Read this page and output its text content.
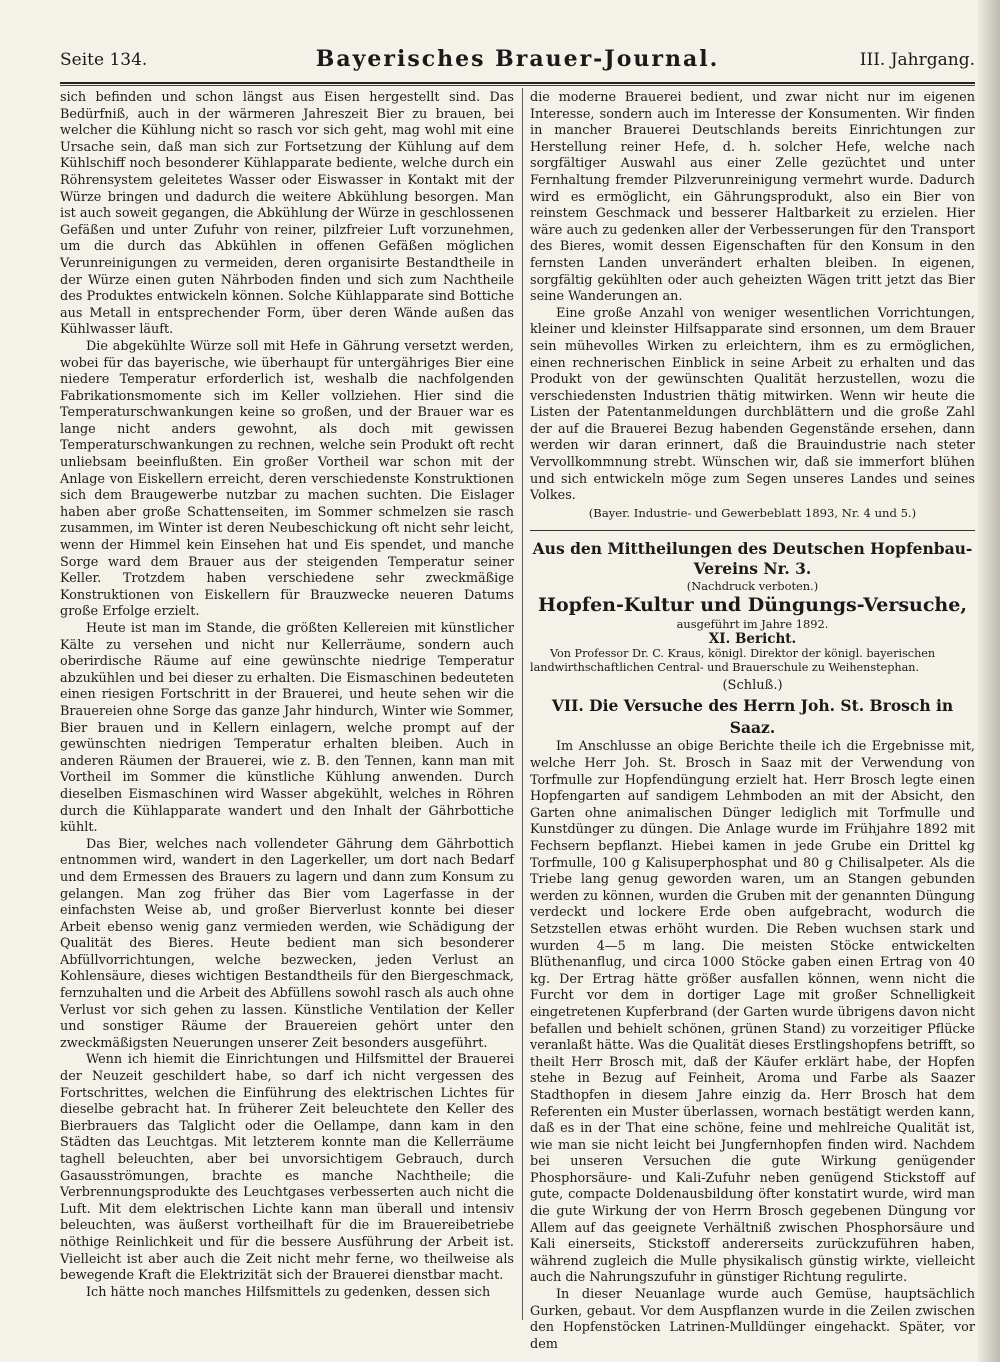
Seite 134.	Bayerisches Brauer-Journal.	III. Jahrgang.

sich befinden und schon längst aus Eisen hergestellt sind. Das Bedürfniß, auch in der wärmeren Jahreszeit Bier zu brauen, bei welcher die Kühlung nicht so rasch vor sich geht, mag wohl mit eine Ursache sein, daß man sich zur Fortsetzung der Kühlung auf dem Kühlschiff noch besonderer Kühlapparate bediente, welche durch ein Röhrensystem geleitetes Wasser oder Eiswasser in Kontakt mit der Würze bringen und dadurch die weitere Abkühlung besorgen. Man ist auch soweit gegangen, die Abkühlung der Würze in geschlossenen Gefäßen und unter Zufuhr von reiner, pilzfreier Luft vorzunehmen, um die durch das Abkühlen in offenen Gefäßen möglichen Verunreinigungen zu vermeiden, deren organisirte Bestandtheile in der Würze einen guten Nährboden finden und sich zum Nachtheile des Produktes entwickeln können. Solche Kühlapparate sind Bottiche aus Metall in entsprechender Form, über deren Wände außen das Kühlwasser läuft.

Die abgekühlte Würze soll mit Hefe in Gährung versetzt werden, wobei für das bayerische, wie überhaupt für untergähriges Bier eine niedere Temperatur erforderlich ist, weshalb die nachfolgenden Fabrikationsmomente sich im Keller vollziehen. Hier sind die Temperaturschwankungen keine so großen, und der Brauer war es lange nicht anders gewohnt, als doch mit gewissen Temperaturschwankungen zu rechnen, welche sein Produkt oft recht unliebsam beeinflußten. Ein großer Vortheil war schon mit der Anlage von Eiskellern erreicht, deren verschiedenste Konstruktionen sich dem Braugewerbe nutzbar zu machen suchten. Die Eislager haben aber große Schattenseiten, im Sommer schmelzen sie rasch zusammen, im Winter ist deren Neubeschickung oft nicht sehr leicht, wenn der Himmel kein Einsehen hat und Eis spendet, und manche Sorge ward dem Brauer aus der steigenden Temperatur seiner Keller. Trotzdem haben verschiedene sehr zweckmäßige Konstruktionen von Eiskellern für Brauzwecke neueren Datums große Erfolge erzielt.

Heute ist man im Stande, die größten Kellereien mit künstlicher Kälte zu versehen und nicht nur Kellerräume, sondern auch oberirdische Räume auf eine gewünschte niedrige Temperatur abzukühlen und bei dieser zu erhalten. Die Eismaschinen bedeuteten einen riesigen Fortschritt in der Brauerei, und heute sehen wir die Brauereien ohne Sorge das ganze Jahr hindurch, Winter wie Sommer, Bier brauen und in Kellern einlagern, welche prompt auf der gewünschten niedrigen Temperatur erhalten bleiben. Auch in anderen Räumen der Brauerei, wie z. B. den Tennen, kann man mit Vortheil im Sommer die künstliche Kühlung anwenden. Durch dieselben Eismaschinen wird Wasser abgekühlt, welches in Röhren durch die Kühlapparate wandert und den Inhalt der Gährbottiche kühlt.

Das Bier, welches nach vollendeter Gährung dem Gährbottich entnommen wird, wandert in den Lagerkeller, um dort nach Bedarf und dem Ermessen des Brauers zu lagern und dann zum Konsum zu gelangen. Man zog früher das Bier vom Lagerfasse in der einfachsten Weise ab, und großer Bierverlust konnte bei dieser Arbeit ebenso wenig ganz vermieden werden, wie Schädigung der Qualität des Bieres. Heute bedient man sich besonderer Abfüllvorrichtungen, welche bezwecken, jeden Verlust an Kohlensäure, dieses wichtigen Bestandtheils für den Biergeschmack, fernzuhalten und die Arbeit des Abfüllens sowohl rasch als auch ohne Verlust vor sich gehen zu lassen. Künstliche Ventilation der Keller und sonstiger Räume der Brauereien gehört unter den zweckmäßigsten Neuerungen unserer Zeit besonders ausgeführt.

Wenn ich hiemit die Einrichtungen und Hilfsmittel der Brauerei der Neuzeit geschildert habe, so darf ich nicht vergessen des Fortschrittes, welchen die Einführung des elektrischen Lichtes für dieselbe gebracht hat. In früherer Zeit beleuchtete den Keller des Bierbrauers das Talglicht oder die Oellampe, dann kam in den Städten das Leuchtgas. Mit letzterem konnte man die Kellerräume taghell beleuchten, aber bei unvorsichtigem Gebrauch, durch Gasausströmungen, brachte es manche Nachtheile; die Verbrennungsprodukte des Leuchtgases verbesserten auch nicht die Luft. Mit dem elektrischen Lichte kann man überall und intensiv beleuchten, was äußerst vortheilhaft für die im Brauereibetriebe nöthige Reinlichkeit und für die bessere Ausführung der Arbeit ist. Vielleicht ist aber auch die Zeit nicht mehr ferne, wo theilweise als bewegende Kraft die Elektrizität sich der Brauerei dienstbar macht.

Ich hätte noch manches Hilfsmittels zu gedenken, dessen sich

die moderne Brauerei bedient, und zwar nicht nur im eigenen Interesse, sondern auch im Interesse der Konsumenten. Wir finden in mancher Brauerei Deutschlands bereits Einrichtungen zur Herstellung reiner Hefe, d. h. solcher Hefe, welche nach sorgfältiger Auswahl aus einer Zelle gezüchtet und unter Fernhaltung fremder Pilzverunreinigung vermehrt wurde. Dadurch wird es ermöglicht, ein Gährungsprodukt, also ein Bier von reinstem Geschmack und besserer Haltbarkeit zu erzielen. Hier wäre auch zu gedenken aller der Verbesserungen für den Transport des Bieres, womit dessen Eigenschaften für den Konsum in den fernsten Landen unverändert erhalten bleiben. In eigenen, sorgfältig gekühlten oder auch geheizten Wägen tritt jetzt das Bier seine Wanderungen an.

Eine große Anzahl von weniger wesentlichen Vorrichtungen, kleiner und kleinster Hilfsapparate sind ersonnen, um dem Brauer sein mühevolles Wirken zu erleichtern, ihm es zu ermöglichen, einen rechnerischen Einblick in seine Arbeit zu erhalten und das Produkt von der gewünschten Qualität herzustellen, wozu die verschiedensten Industrien thätig mitwirken. Wenn wir heute die Listen der Patentanmeldungen durchblättern und die große Zahl der auf die Brauerei Bezug habenden Gegenstände ersehen, dann werden wir daran erinnert, daß die Brauindustrie nach steter Vervollkommnung strebt. Wünschen wir, daß sie immerfort blühen und sich entwickeln möge zum Segen unseres Landes und seines Volkes.

(Bayer. Industrie- und Gewerbeblatt 1893, Nr. 4 und 5.)

Aus den Mittheilungen des Deutschen Hopfenbau-Vereins Nr. 3.

(Nachdruck verboten.)

Hopfen-Kultur und Düngungs-Versuche,

ausgeführt im Jahre 1892.

XI. Bericht.

Von Professor Dr. C. Kraus, königl. Direktor der königl. bayerischen landwirthschaftlichen Central- und Brauerschule zu Weihenstephan.

(Schluß.)

VII. Die Versuche des Herrn Joh. St. Brosch in Saaz.

Im Anschlusse an obige Berichte theile ich die Ergebnisse mit, welche Herr Joh. St. Brosch in Saaz mit der Verwendung von Torfmulle zur Hopfendüngung erzielt hat. Herr Brosch legte einen Hopfengarten auf sandigem Lehmboden an mit der Absicht, den Garten ohne animalischen Dünger lediglich mit Torfmulle und Kunstdünger zu düngen. Die Anlage wurde im Frühjahre 1892 mit Fechsern bepflanzt. Hiebei kamen in jede Grube ein Drittel kg Torfmulle, 100 g Kalisuperphosphat und 80 g Chilisalpeter. Als die Triebe lang genug geworden waren, um an Stangen gebunden werden zu können, wurden die Gruben mit der genannten Düngung verdeckt und lockere Erde oben aufgebracht, wodurch die Setzstellen etwas erhöht wurden. Die Reben wuchsen stark und wurden 4—5 m lang. Die meisten Stöcke entwickelten Blüthenanflug, und circa 1000 Stöcke gaben einen Ertrag von 40 kg. Der Ertrag hätte größer ausfallen können, wenn nicht die Furcht vor dem in dortiger Lage mit großer Schnelligkeit eingetretenen Kupferbrand (der Garten wurde übrigens davon nicht befallen und behielt schönen, grünen Stand) zu vorzeitiger Pflücke veranlaßt hätte. Was die Qualität dieses Erstlingshopfens betrifft, so theilt Herr Brosch mit, daß der Käufer erklärt habe, der Hopfen stehe in Bezug auf Feinheit, Aroma und Farbe als Saazer Stadthopfen in diesem Jahre einzig da. Herr Brosch hat dem Referenten ein Muster überlassen, wornach bestätigt werden kann, daß es in der That eine schöne, feine und mehlreiche Qualität ist, wie man sie nicht leicht bei Jungfernhopfen finden wird. Nachdem bei unseren Versuchen die gute Wirkung genügender Phosphorsäure- und Kali-Zufuhr neben genügend Stickstoff auf gute, compacte Doldenausbildung öfter konstatirt wurde, wird man die gute Wirkung der von Herrn Brosch gegebenen Düngung vor Allem auf das geeignete Verhältniß zwischen Phosphorsäure und Kali einerseits, Stickstoff andererseits zurückzuführen haben, während zugleich die Mulle physikalisch günstig wirkte, vielleicht auch die Nahrungszufuhr in günstiger Richtung regulirte.

In dieser Neuanlage wurde auch Gemüse, hauptsächlich Gurken, gebaut. Vor dem Auspflanzen wurde in die Zeilen zwischen den Hopfenstöcken Latrinen-Mulldünger eingehackt. Später, vor dem
